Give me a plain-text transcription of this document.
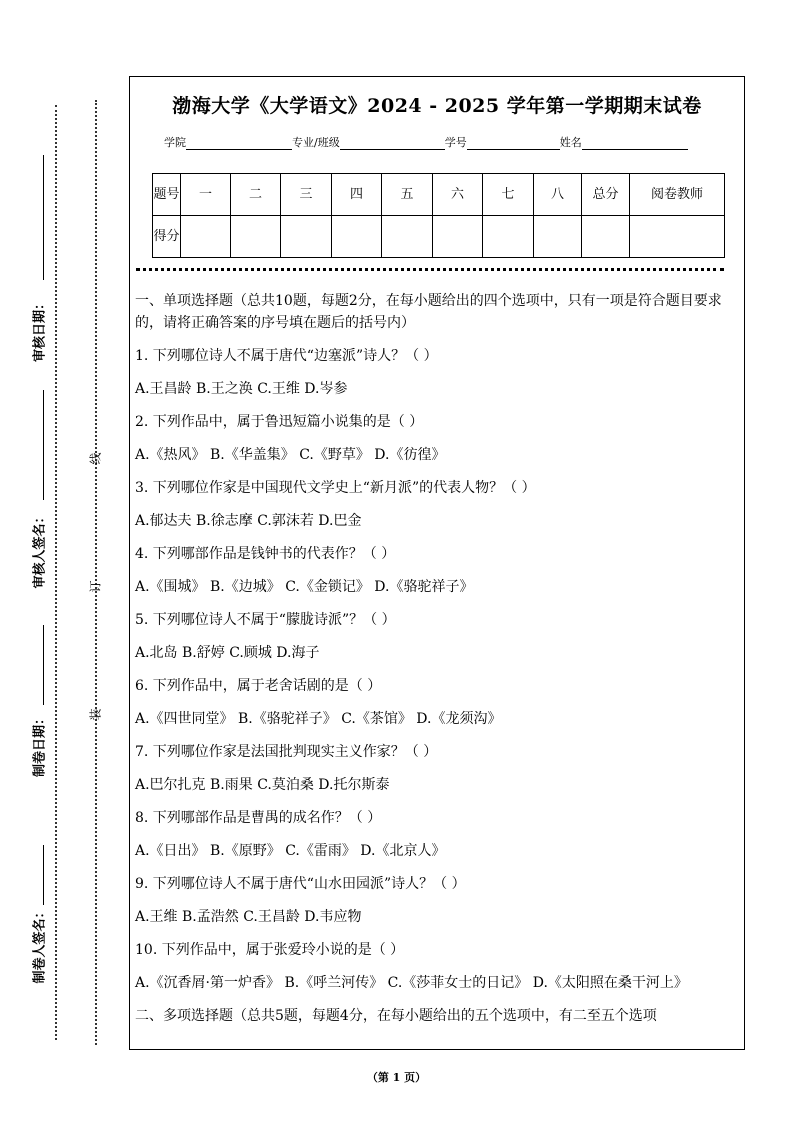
审核日期：
审核人签名：
制卷日期：
制卷人签名：
线
订
装
渤海大学《大学语文》2024 - 2025 学年第一学期期末试卷
学院	专业/班级	学号	姓名
题号	一	二	三	四	五	六	七	八	总分	阅卷教师
得分										

一、单项选择题（总共10题，每题2分，在每小题给出的四个选项中，只有一项是符合题目要求的，请将正确答案的序号填在题后的括号内）

1. 下列哪位诗人不属于唐代“边塞派”诗人？（ ）

A.王昌龄 B.王之涣 C.王维 D.岑参

2. 下列作品中，属于鲁迅短篇小说集的是（ ）

A.《热风》 B.《华盖集》 C.《野草》 D.《彷徨》

3. 下列哪位作家是中国现代文学史上“新月派”的代表人物？（ ）

A.郁达夫 B.徐志摩 C.郭沫若 D.巴金

4. 下列哪部作品是钱钟书的代表作？（ ）

A.《围城》 B.《边城》 C.《金锁记》 D.《骆驼祥子》

5. 下列哪位诗人不属于“朦胧诗派”？（ ）

A.北岛 B.舒婷 C.顾城 D.海子

6. 下列作品中，属于老舍话剧的是（ ）

A.《四世同堂》 B.《骆驼祥子》 C.《茶馆》 D.《龙须沟》

7. 下列哪位作家是法国批判现实主义作家？（ ）

A.巴尔扎克 B.雨果 C.莫泊桑 D.托尔斯泰

8. 下列哪部作品是曹禺的成名作？（ ）

A.《日出》 B.《原野》 C.《雷雨》 D.《北京人》

9. 下列哪位诗人不属于唐代“山水田园派”诗人？（ ）

A.王维 B.孟浩然 C.王昌龄 D.韦应物

10. 下列作品中，属于张爱玲小说的是（ ）

A.《沉香屑·第一炉香》 B.《呼兰河传》 C.《莎菲女士的日记》 D.《太阳照在桑干河上》

二、多项选择题（总共5题，每题4分，在每小题给出的五个选项中，有二至五个选项

（第 1 页）
